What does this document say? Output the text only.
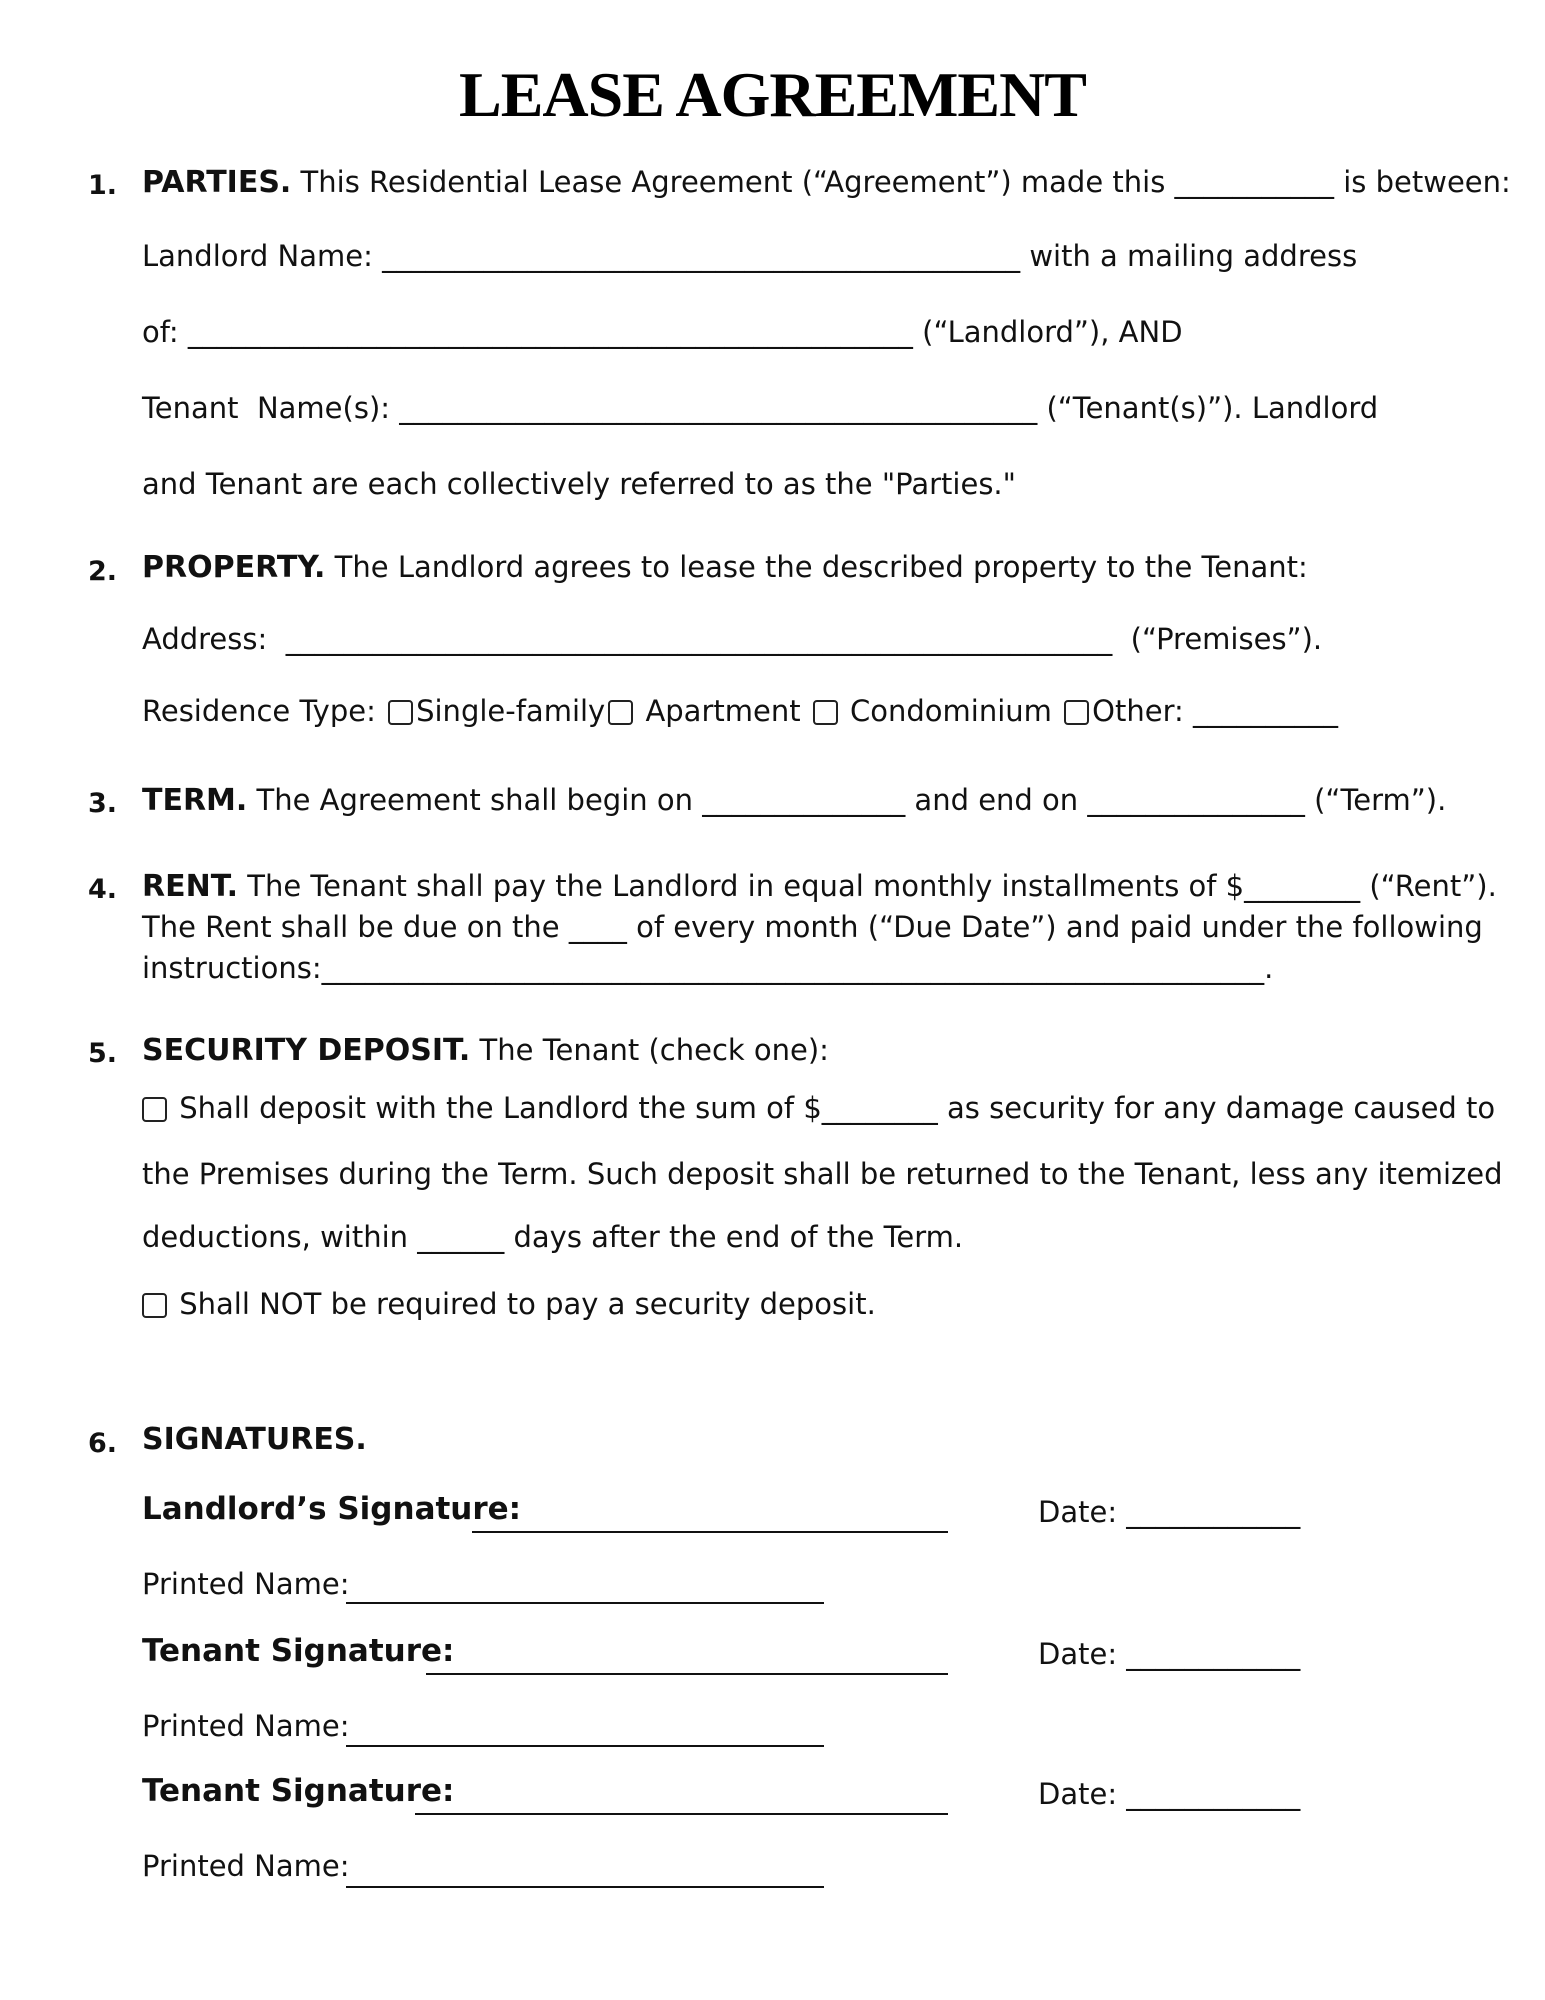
LEASE AGREEMENT
1. PARTIES. This Residential Lease Agreement (“Agreement”) made this ___________ is between:
Landlord Name: ____________________________________________ with a mailing address
of: __________________________________________________ (“Landlord”), AND
Tenant  Name(s): ____________________________________________ (“Tenant(s)”). Landlord
and Tenant are each collectively referred to as the "Parties."
2. PROPERTY. The Landlord agrees to lease the described property to the Tenant:
Address:  _________________________________________________________  (“Premises”).
Residence Type: Single-family Apartment Condominium Other: __________
3. TERM. The Agreement shall begin on ______________ and end on _______________ (“Term”).
4. RENT. The Tenant shall pay the Landlord in equal monthly installments of $________ (“Rent”).
The Rent shall be due on the ____ of every month (“Due Date”) and paid under the following
instructions:_________________________________________________________________.
5. SECURITY DEPOSIT. The Tenant (check one):
Shall deposit with the Landlord the sum of $________ as security for any damage caused to
the Premises during the Term. Such deposit shall be returned to the Tenant, less any itemized
deductions, within ______ days after the end of the Term.
Shall NOT be required to pay a security deposit.
6. SIGNATURES.
Landlord’s Signature:	Date: ____________
Printed Name:
Tenant Signature:	Date: ____________
Printed Name:
Tenant Signature:	Date: ____________
Printed Name:
